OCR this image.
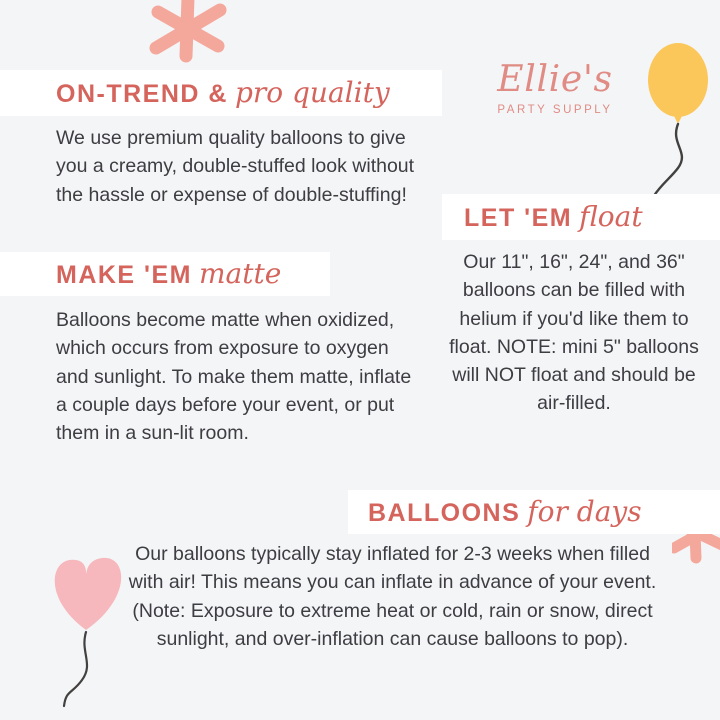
Ellie's
PARTY SUPPLY
ON-TREND & pro quality
We use premium quality balloons to give you a creamy, double-stuffed look without the hassle or expense of double-stuffing!
MAKE 'EM matte
Balloons become matte when oxidized, which occurs from exposure to oxygen and sunlight. To make them matte, inflate a couple days before your event, or put them in a sun-lit room.
LET 'EM float
Our 11", 16", 24", and 36" balloons can be filled with helium if you'd like them to float. NOTE: mini 5" balloons will NOT float and should be air-filled.
BALLOONS for days
Our balloons typically stay inflated for 2-3 weeks when filled with air! This means you can inflate in advance of your event. (Note: Exposure to extreme heat or cold, rain or snow, direct sunlight, and over-inflation can cause balloons to pop).
